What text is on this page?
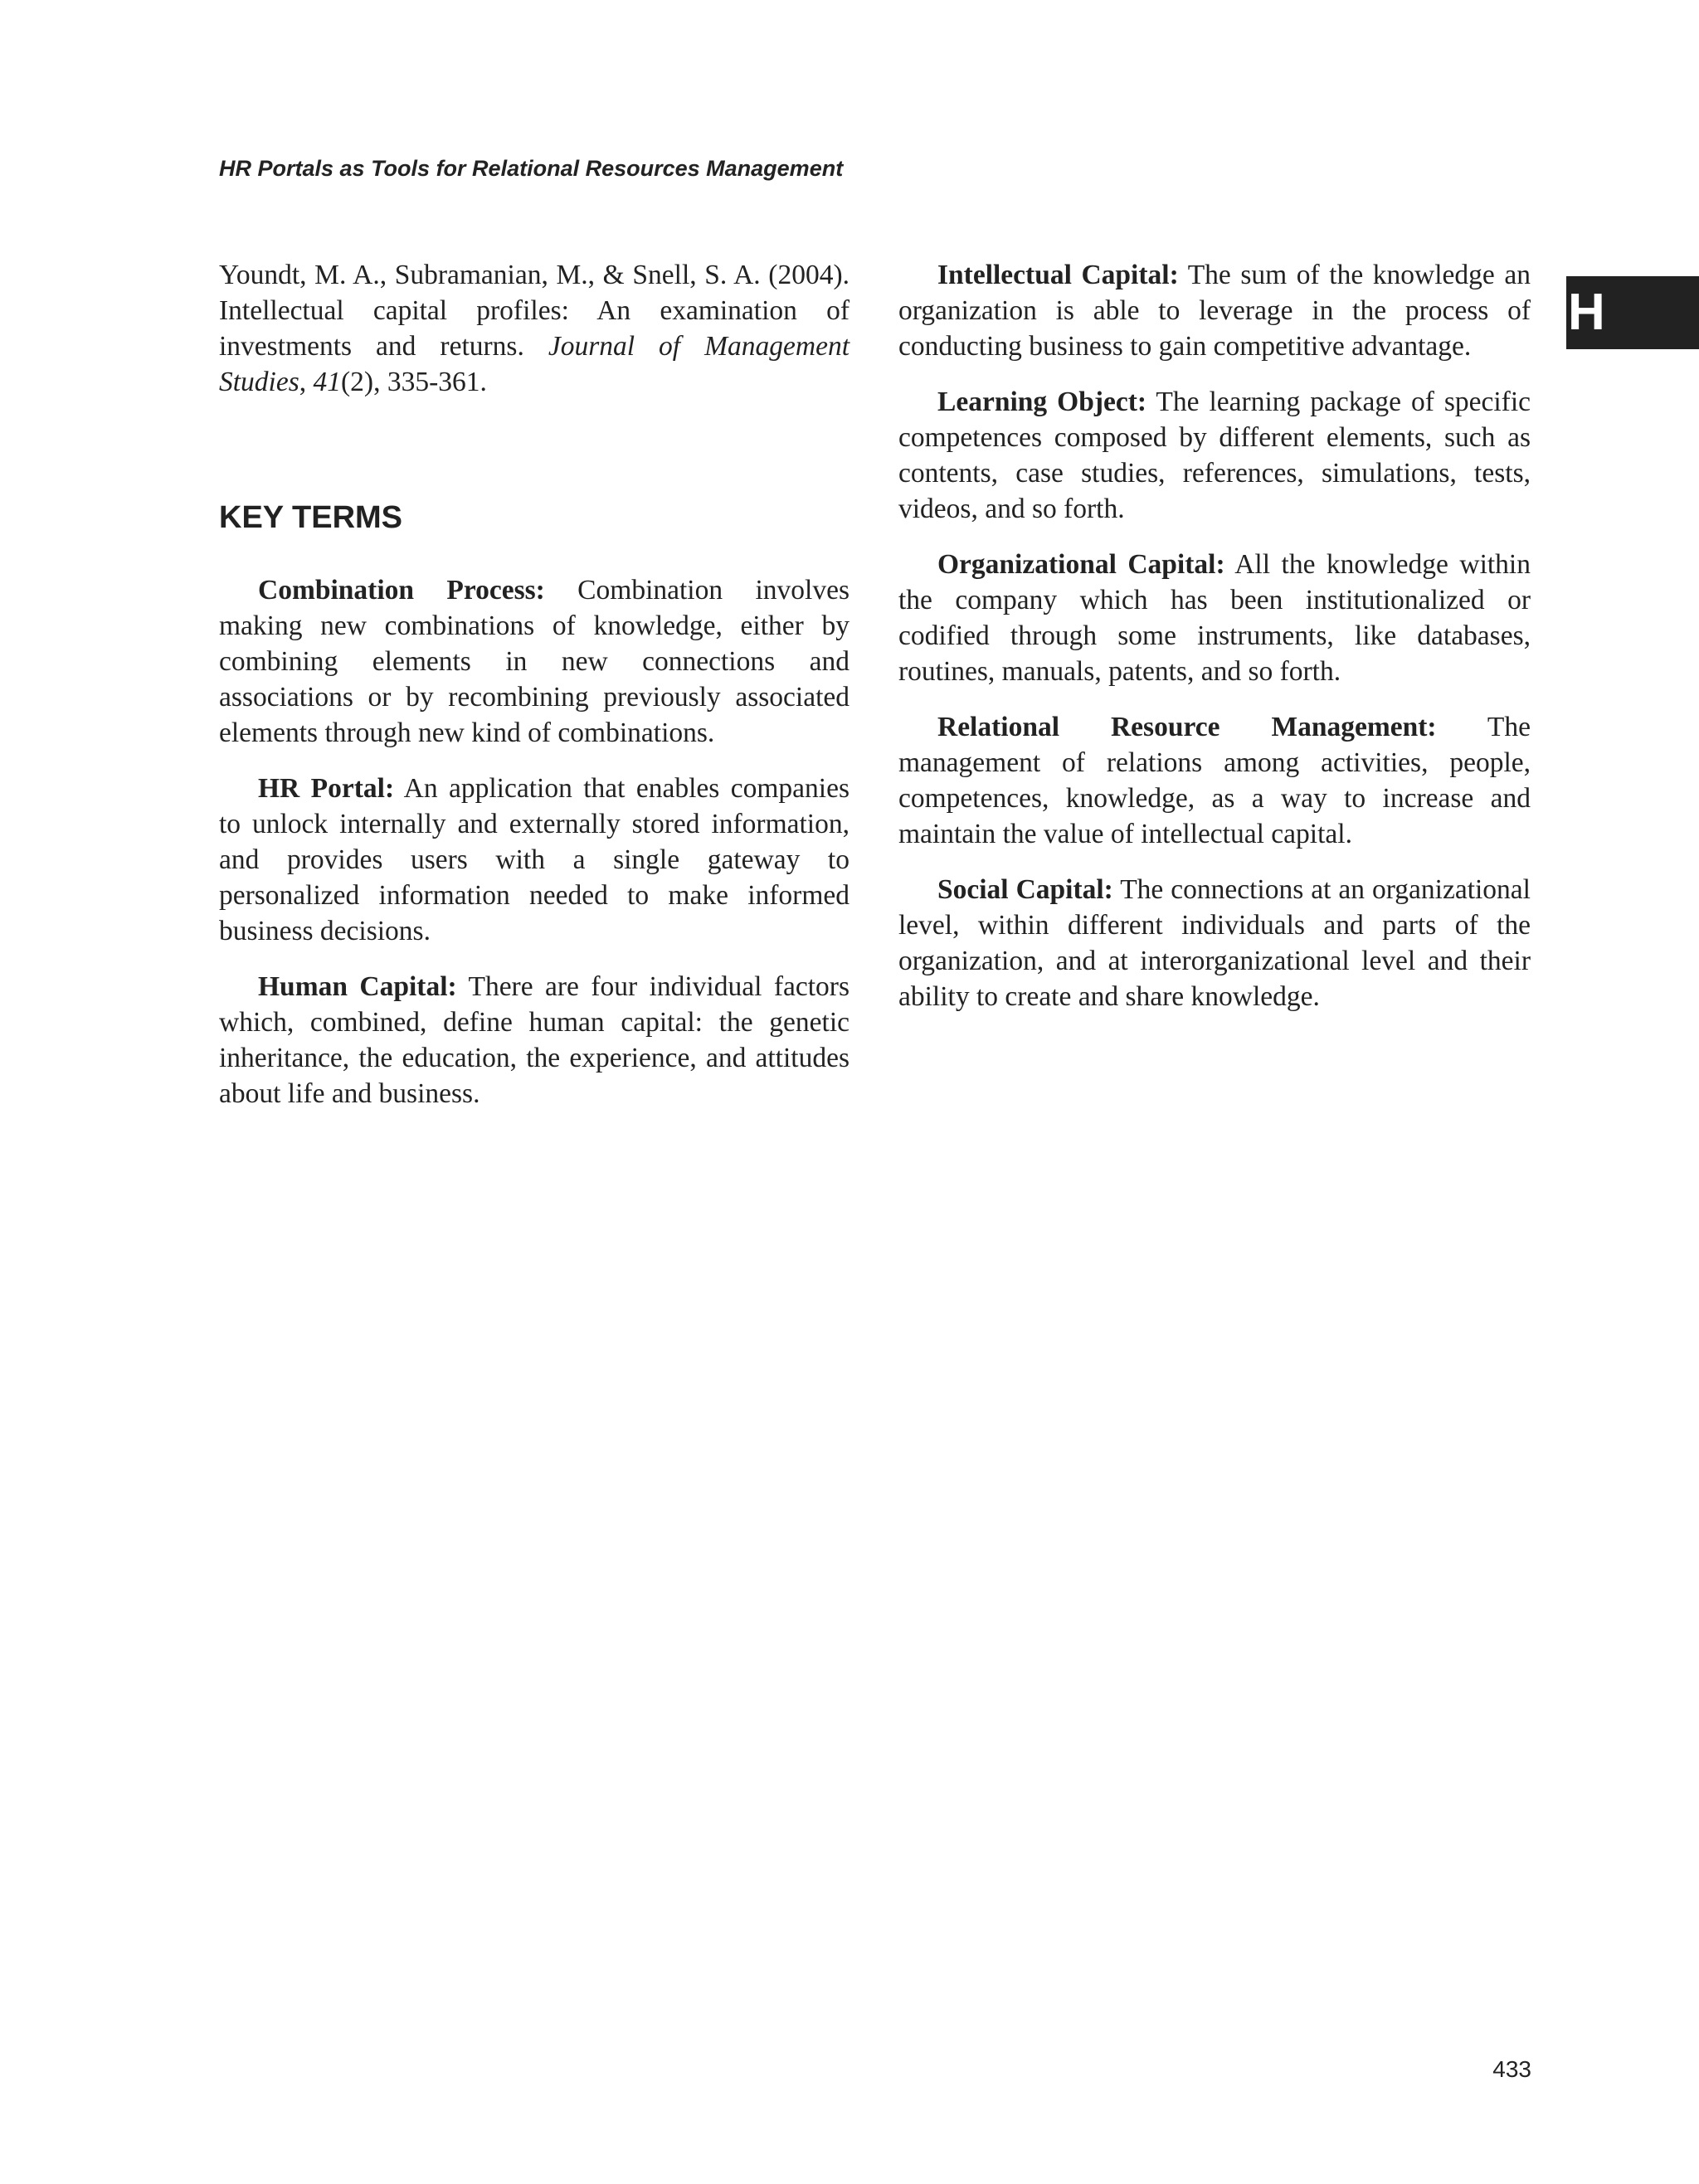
HR Portals as Tools for Relational Resources Management
H

Youndt, M. A., Subramanian, M., & Snell, S. A. (2004). Intellectual capital profiles: An examination of investments and returns. Journal of Management Studies, 41(2), 335-361.

KEY TERMS

Combination Process: Combination involves making new combinations of knowledge, either by combining elements in new connections and associations or by recombining previously associated elements through new kind of combinations.

HR Portal: An application that enables companies to unlock internally and externally stored information, and provides users with a single gateway to personalized information needed to make informed business decisions.

Human Capital: There are four individual factors which, combined, define human capital: the genetic inheritance, the education, the experience, and attitudes about life and business.

Intellectual Capital: The sum of the knowledge an organization is able to leverage in the process of conducting business to gain competitive advantage.

Learning Object: The learning package of specific competences composed by different elements, such as contents, case studies, references, simulations, tests, videos, and so forth.

Organizational Capital: All the knowledge within the company which has been institutionalized or codified through some instruments, like databases, routines, manuals, patents, and so forth.

Relational Resource Management: The management of relations among activities, people, competences, knowledge, as a way to increase and maintain the value of intellectual capital.

Social Capital: The connections at an organizational level, within different individuals and parts of the organization, and at interorganizational level and their ability to create and share knowledge.

433
